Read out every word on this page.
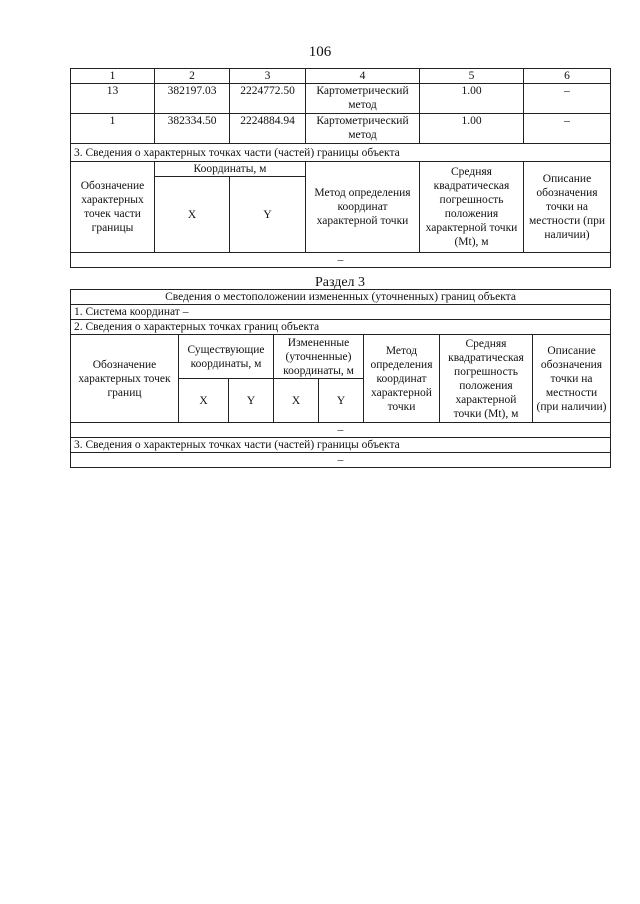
106
1	2	3	4	5	6
13	382197.03	2224772.50	Картометрический метод	1.00	–
1	382334.50	2224884.94	Картометрический метод	1.00	–
3. Сведения о характерных точках части (частей) границы объекта					
Обозначение характерных точек части границы	Координаты, м		Метод определения координат характерной точки	Средняя квадратическая погрешность положения характерной точки (Mt), м	Описание обозначения точки на местности (при наличии)
	X	Y			
–					
Раздел 3
Сведения о местоположении измененных (уточненных) границ объекта							
1. Система координат –							
2. Сведения о характерных точках границ объекта							
Обозначение характерных точек границ	Существующие координаты, м		Измененные (уточненные) координаты, м		Метод определения координат характерной точки	Средняя квадратическая погрешность положения характерной точки (Mt), м	Описание обозначения точки на местности (при наличии)
	X	Y	X	Y			
–							
3. Сведения о характерных точках части (частей) границы объекта							
–							
